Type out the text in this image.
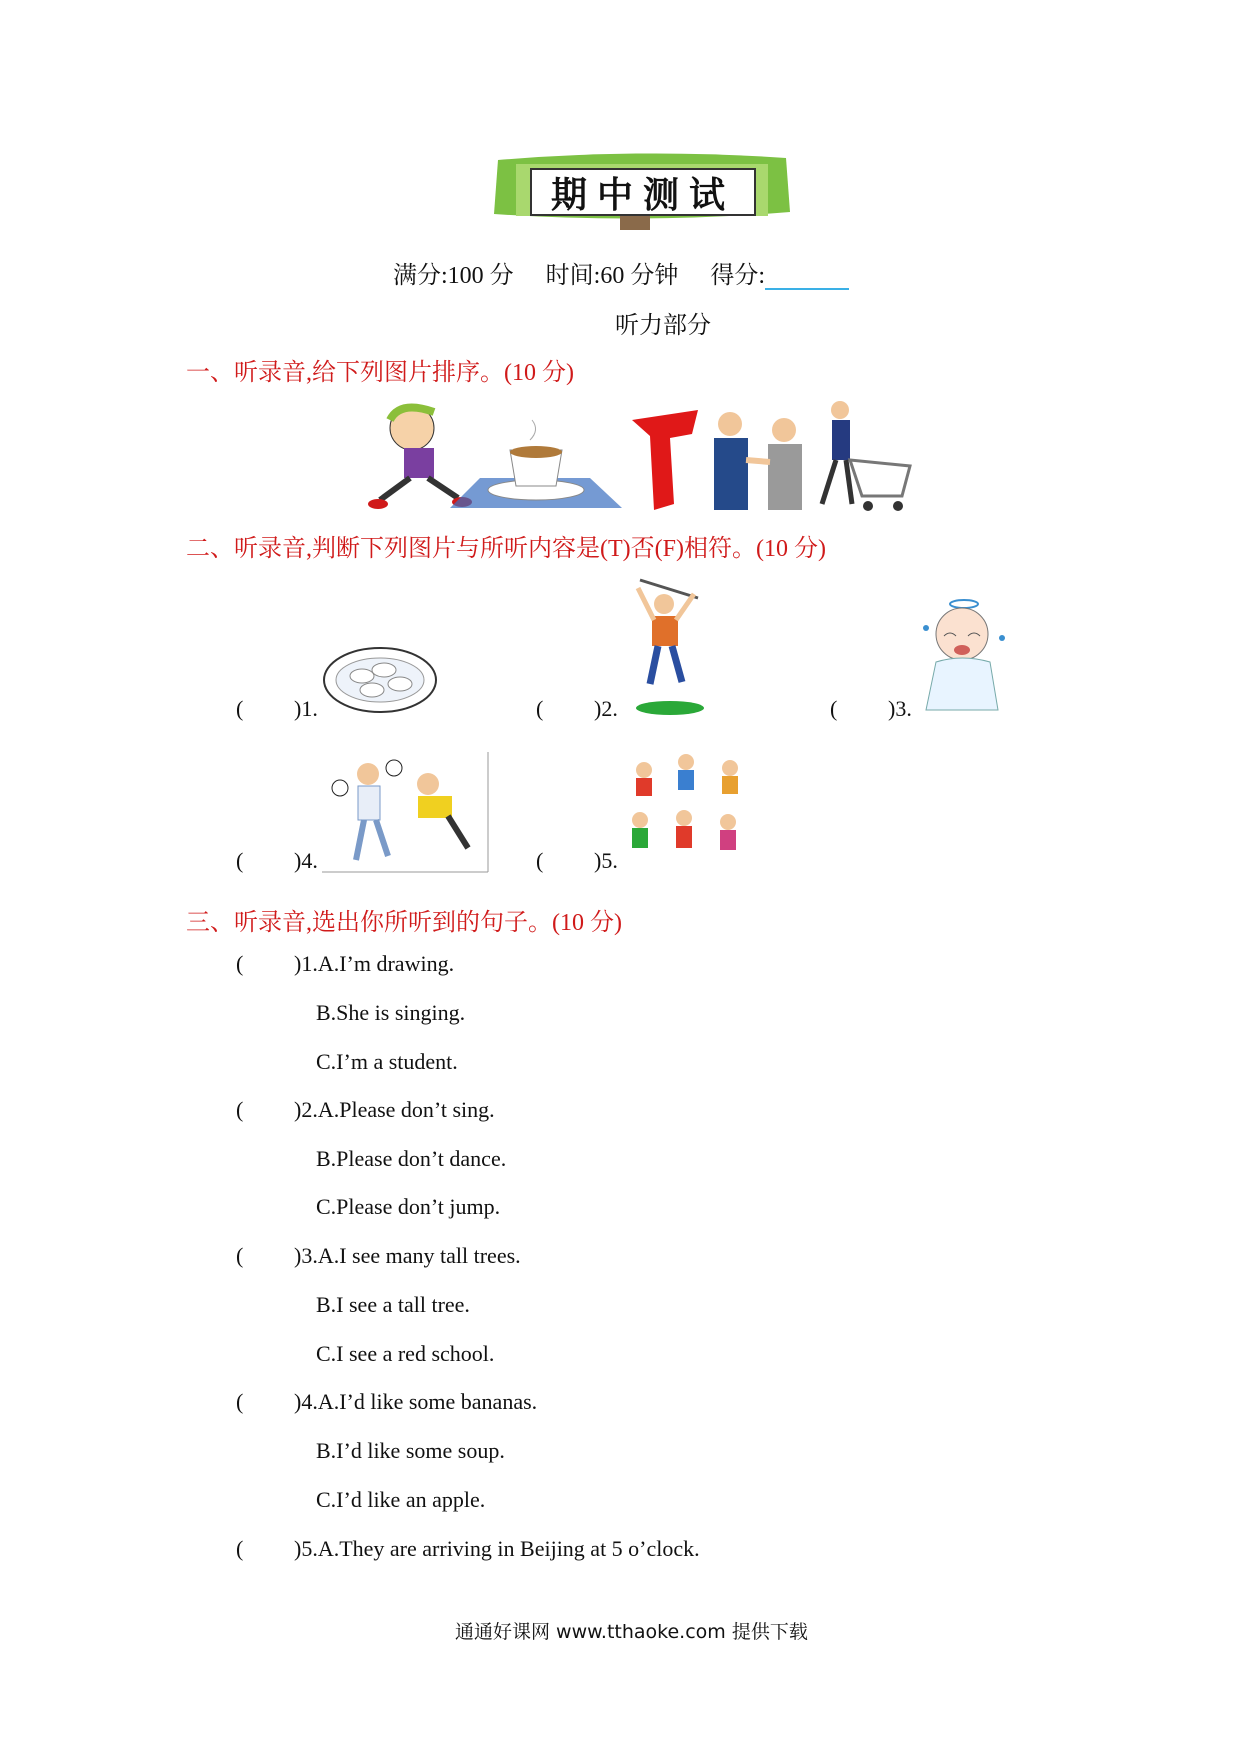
期中测试
满分:100 分 时间:60 分钟 得分:
听力部分
一、听录音,给下列图片排序。(10 分)
二、听录音,判断下列图片与所听内容是(T)否(F)相符。(10 分)
( )1.	( )2.	( )3.
( )4.	( )5.
三、听录音,选出你所听到的句子。(10 分)
( )1.A.I’m drawing.
B.She is singing.
C.I’m a student.
( )2.A.Please don’t sing.
B.Please don’t dance.
C.Please don’t jump.
( )3.A.I see many tall trees.
B.I see a tall tree.
C.I see a red school.
( )4.A.I’d like some bananas.
B.I’d like some soup.
C.I’d like an apple.
( )5.A.They are arriving in Beijing at 5 o’clock.
通通好课网 www.tthaoke.com 提供下载
